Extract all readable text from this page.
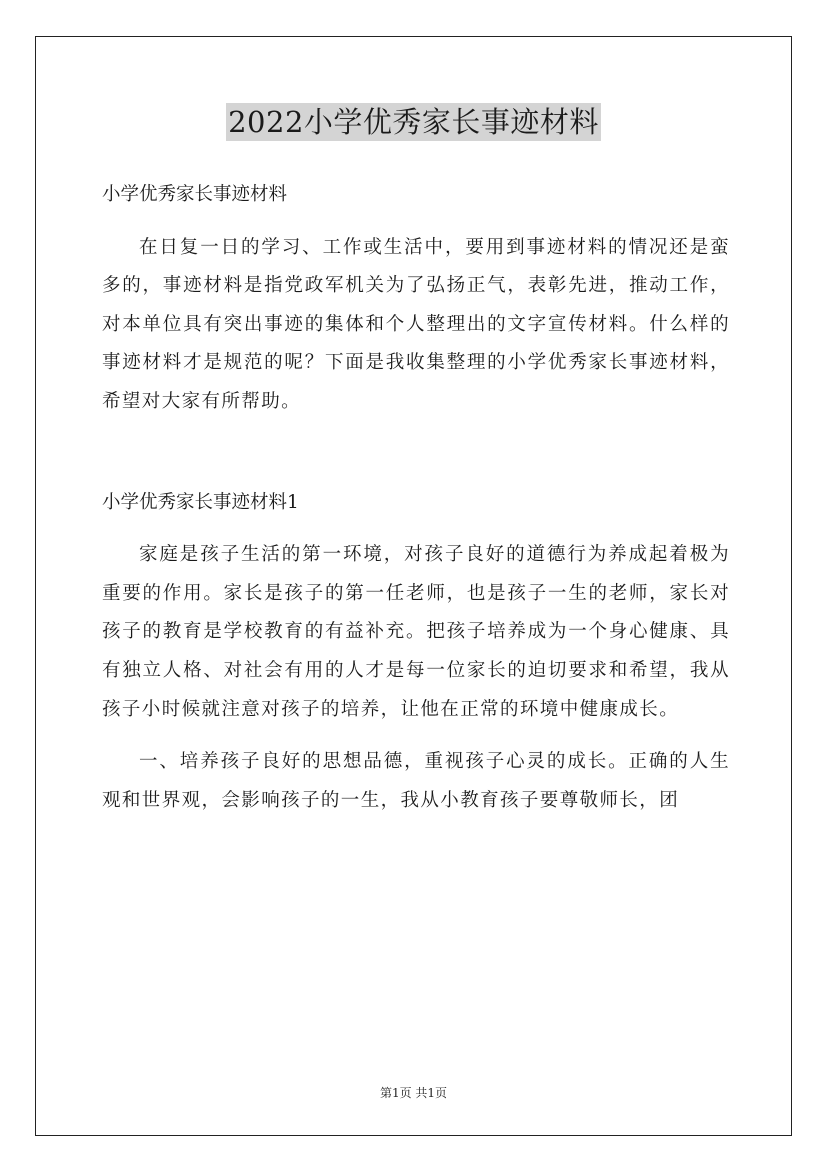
2022小学优秀家长事迹材料

小学优秀家长事迹材料

在日复一日的学习、工作或生活中，要用到事迹材料的情况还是蛮多的，事迹材料是指党政军机关为了弘扬正气，表彰先进，推动工作，对本单位具有突出事迹的集体和个人整理出的文字宣传材料。什么样的事迹材料才是规范的呢？下面是我收集整理的小学优秀家长事迹材料，希望对大家有所帮助。

小学优秀家长事迹材料1

家庭是孩子生活的第一环境，对孩子良好的道德行为养成起着极为重要的作用。家长是孩子的第一任老师，也是孩子一生的老师，家长对孩子的教育是学校教育的有益补充。把孩子培养成为一个身心健康、具有独立人格、对社会有用的人才是每一位家长的迫切要求和希望，我从孩子小时候就注意对孩子的培养，让他在正常的环境中健康成长。

一、培养孩子良好的思想品德，重视孩子心灵的成长。正确的人生观和世界观，会影响孩子的一生，我从小教育孩子要尊敬师长，团

第1页 共1页
